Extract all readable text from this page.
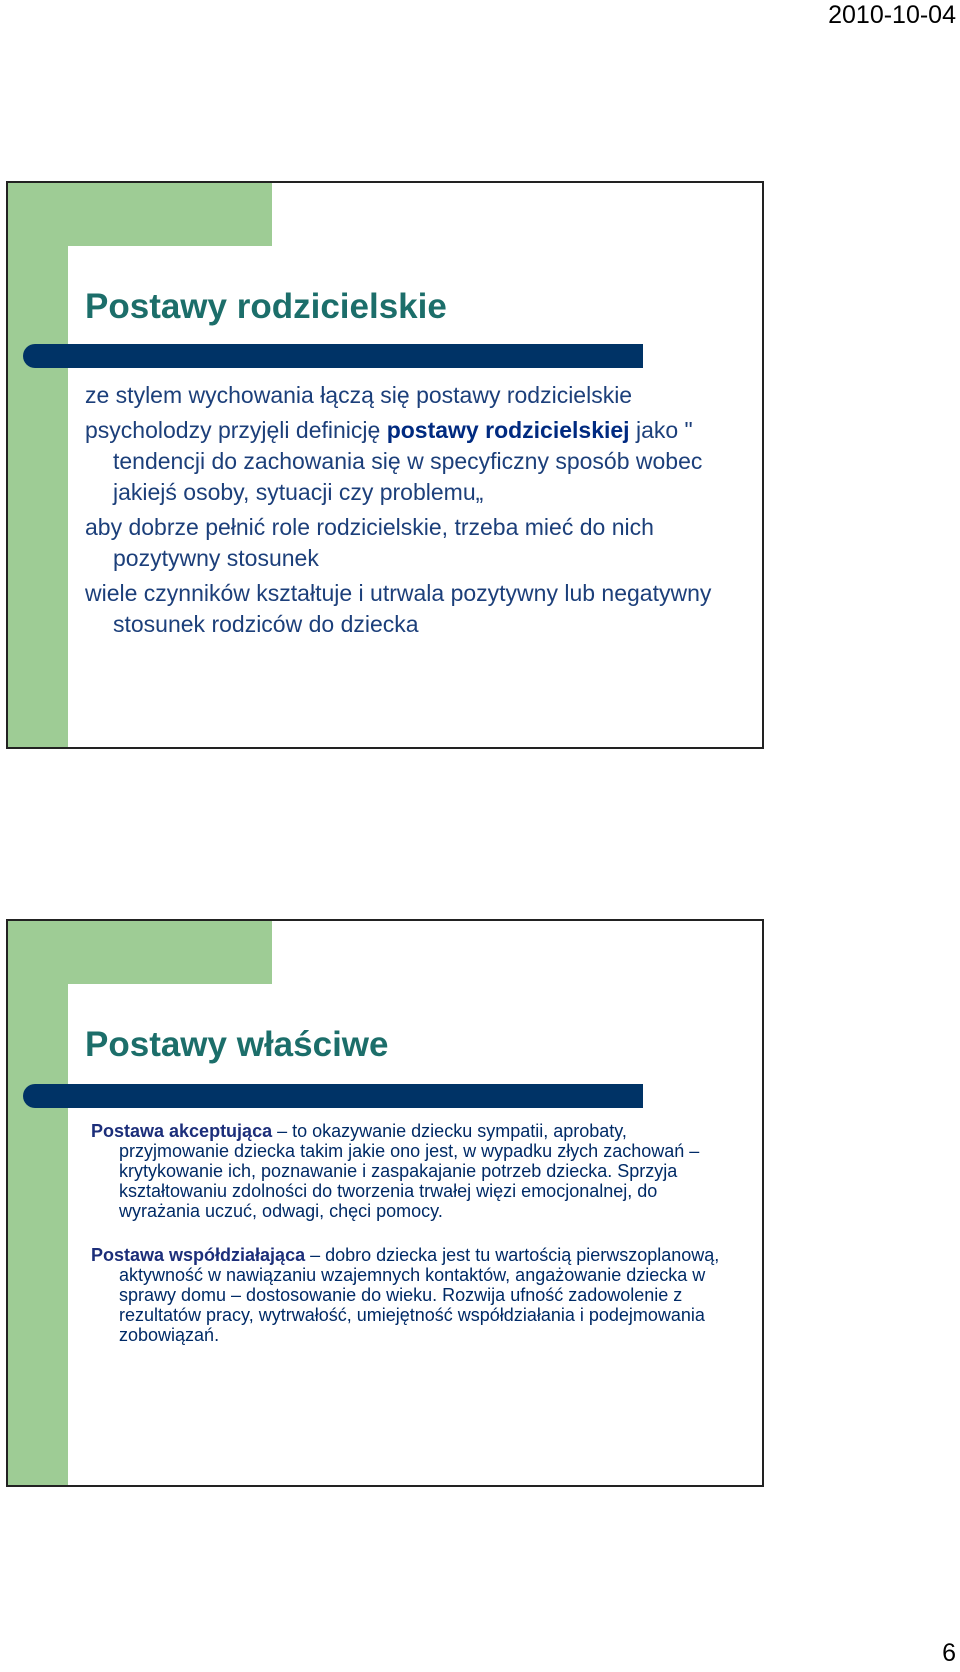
2010-10-04
Postawy rodzicielskie
ze stylem wychowania łączą się postawy rodzicielskie
psycholodzy przyjęli definicję postawy rodzicielskiej jako " tendencji do zachowania się w specyficzny sposób wobec jakiejś osoby, sytuacji czy problemu„
aby dobrze pełnić role rodzicielskie, trzeba mieć do nich pozytywny stosunek
wiele czynników kształtuje i utrwala pozytywny lub negatywny stosunek rodziców do dziecka
Postawy właściwe
Postawa akceptująca – to okazywanie dziecku sympatii, aprobaty, przyjmowanie dziecka takim jakie ono jest, w wypadku złych zachowań – krytykowanie ich, poznawanie i zaspakajanie potrzeb dziecka. Sprzyja kształtowaniu zdolności do tworzenia trwałej więzi emocjonalnej, do wyrażania uczuć, odwagi, chęci pomocy.
Postawa współdziałająca – dobro dziecka jest tu wartością pierwszoplanową, aktywność w nawiązaniu wzajemnych kontaktów, angażowanie dziecka w sprawy domu – dostosowanie do wieku. Rozwija ufność zadowolenie z rezultatów pracy, wytrwałość, umiejętność współdziałania i podejmowania zobowiązań.
6
